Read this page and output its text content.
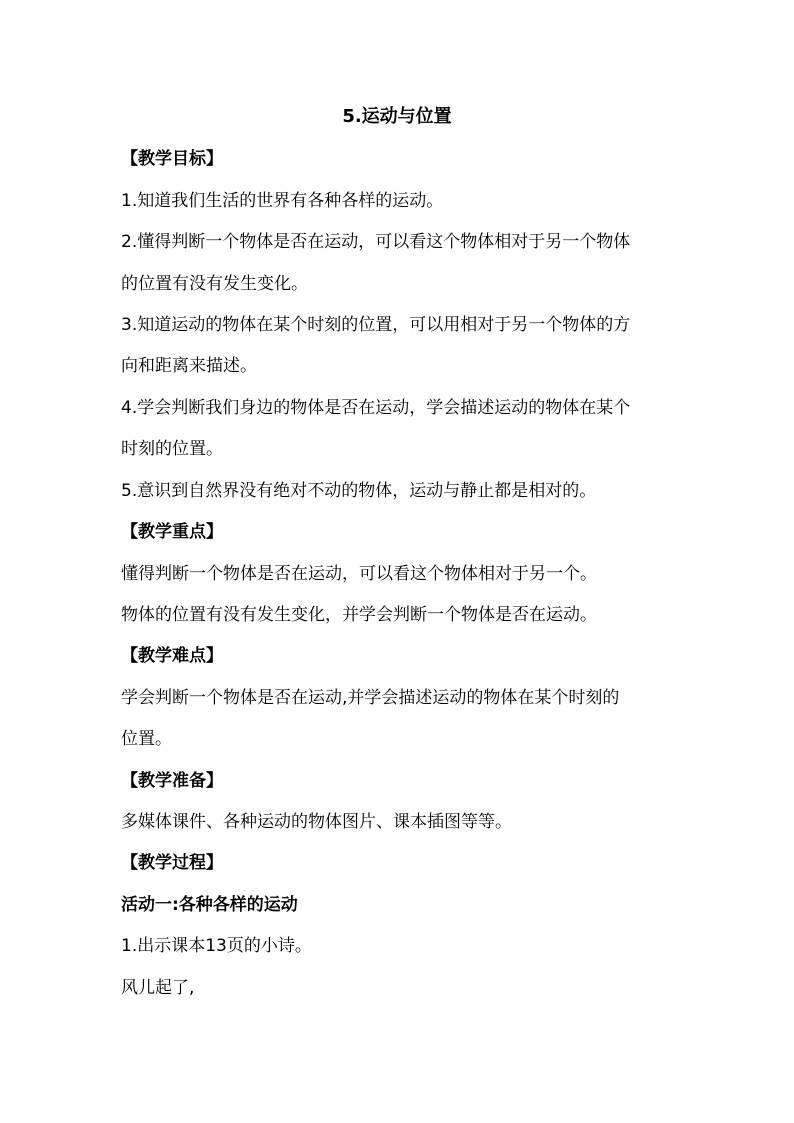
5.运动与位置
【教学目标】
1.知道我们生活的世界有各种各样的运动。
2.懂得判断一个物体是否在运动，可以看这个物体相对于另一个物体
的位置有没有发生变化。
3.知道运动的物体在某个时刻的位置，可以用相对于另一个物体的方
向和距离来描述。
4.学会判断我们身边的物体是否在运动，学会描述运动的物体在某个
时刻的位置。
5.意识到自然界没有绝对不动的物体，运动与静止都是相对的。
【教学重点】
懂得判断一个物体是否在运动，可以看这个物体相对于另一个。
物体的位置有没有发生变化，并学会判断一个物体是否在运动。
【教学难点】
学会判断一个物体是否在运动,并学会描述运动的物体在某个时刻的
位置。
【教学准备】
多媒体课件、各种运动的物体图片、课本插图等等。
【教学过程】
活动一:各种各样的运动
1.出示课本13页的小诗。
风儿起了,
